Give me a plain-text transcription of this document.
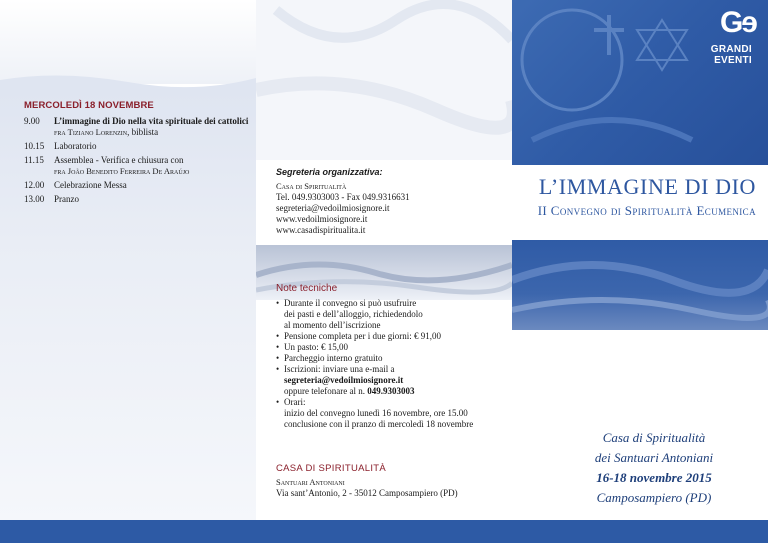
MERCOLEDÌ 18 NOVEMBRE
9.00	L’immagine di Dio nella vita spirituale dei cattolici
fra Tiziano Lorenzin, biblista
10.15	Laboratorio
11.15	Assemblea - Verifica e chiusura con
fra João Benedito Ferreira De Araújo
12.00	Celebrazione Messa
13.00	Pranzo
Segreteria organizzativa:
Casa di Spiritualità
Tel. 049.9303003 - Fax 049.9316631
segreteria@vedoilmiosignore.it
www.vedoilmiosignore.it
www.casadispiritualita.it
Note tecniche
• Durante il convegno si può usufruire
dei pasti e dell’alloggio, richiedendolo
al momento dell’iscrizione
• Pensione completa per i due giorni: € 91,00
• Un pasto: € 15,00
• Parcheggio interno gratuito
• Iscrizioni: inviare una e-mail a
segreteria@vedoilmiosignore.it
oppure telefonare al n. 049.9303003
• Orari:
inizio del convegno lunedì 16 novembre, ore 15.00
conclusione con il pranzo di mercoledì 18 novembre
CASA DI SPIRITUALITÀ
Santuari Antoniani
Via sant’Antonio, 2 - 35012 Camposampiero (PD)
Gɘ
GRANDI
EVENTI
L’IMMAGINE DI DIO
II Convegno di Spiritualità Ecumenica
Casa di Spiritualità
dei Santuari Antoniani
16-18 novembre 2015
Camposampiero (PD)
